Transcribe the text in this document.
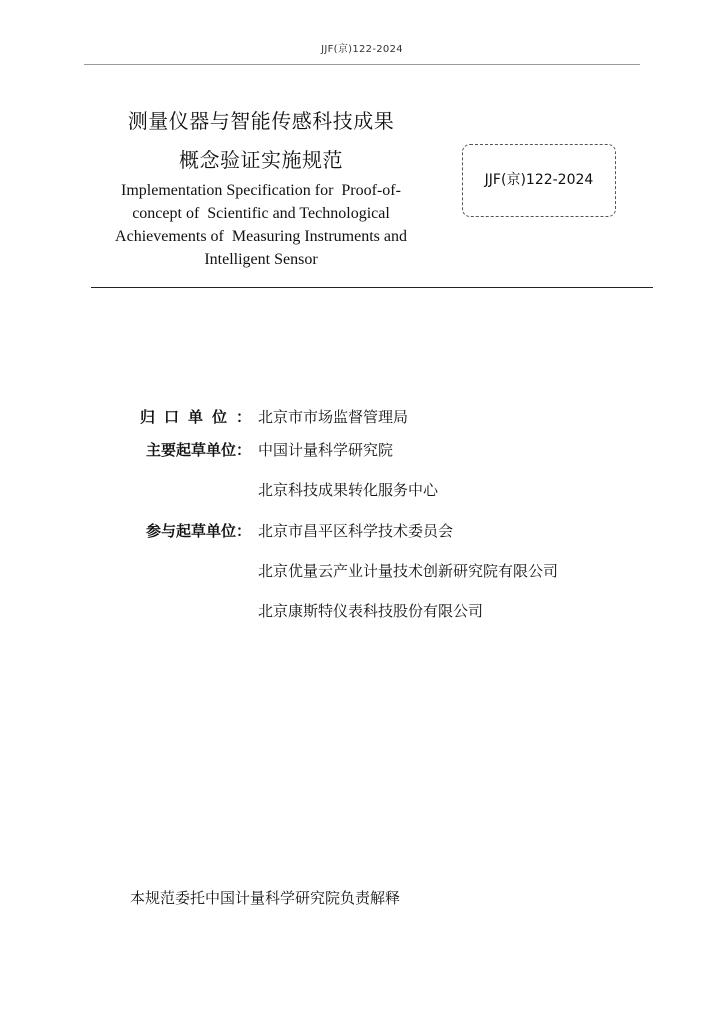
JJF(京)122-2024
测量仪器与智能传感科技成果
概念验证实施规范
Implementation Specification for  Proof-of-
concept of  Scientific and Technological
Achievements of  Measuring Instruments and
Intelligent Sensor
JJF(京)122-2024
归口单位 ： 北京市市场监督管理局
主要起草单位 ： 中国计量科学研究院
北京科技成果转化服务中心
参与起草单位 ： 北京市昌平区科学技术委员会
北京优量云产业计量技术创新研究院有限公司
北京康斯特仪表科技股份有限公司
本规范委托中国计量科学研究院负责解释
